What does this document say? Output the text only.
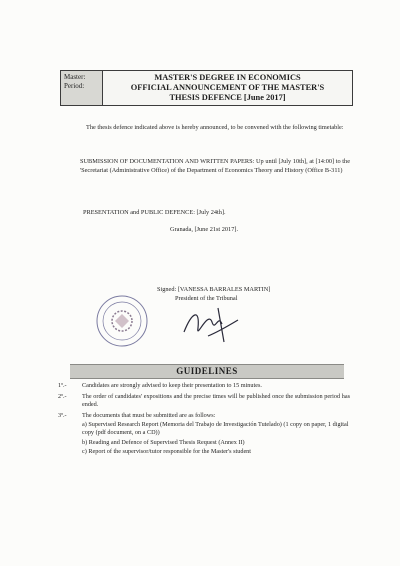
Master:
Period:
MASTER'S DEGREE IN ECONOMICS
OFFICIAL ANNOUNCEMENT OF THE MASTER'S
THESIS DEFENCE [June 2017]
The thesis defence indicated above is hereby announced, to be convened with the following timetable:
SUBMISSION OF DOCUMENTATION AND WRITTEN PAPERS: Up until [July 10th], at [14:00] to the 'Secretariat (Administrative Office) of the Department of Economics Theory and History (Office B-311)
PRESENTATION and PUBLIC DEFENCE: [July 24th].
Granada, [June 21st 2017].
Signed: [VANESSA BARRALES MARTIN]
President of the Tribunal
GUIDELINES
1º.- Candidates are strongly advised to keep their presentation to 15 minutes.
2º.- The order of candidates' expositions and the precise times will be published once the submission period has ended.
3º.- The documents that must be submitted are as follows:
a) Supervised Research Report (Memoria del Trabajo de Investigación Tutelado) (1 copy on paper, 1 digital copy (pdf document, on a CD))
b) Reading and Defence of Supervised Thesis Request (Annex II)
c) Report of the supervisor/tutor responsible for the Master's student
